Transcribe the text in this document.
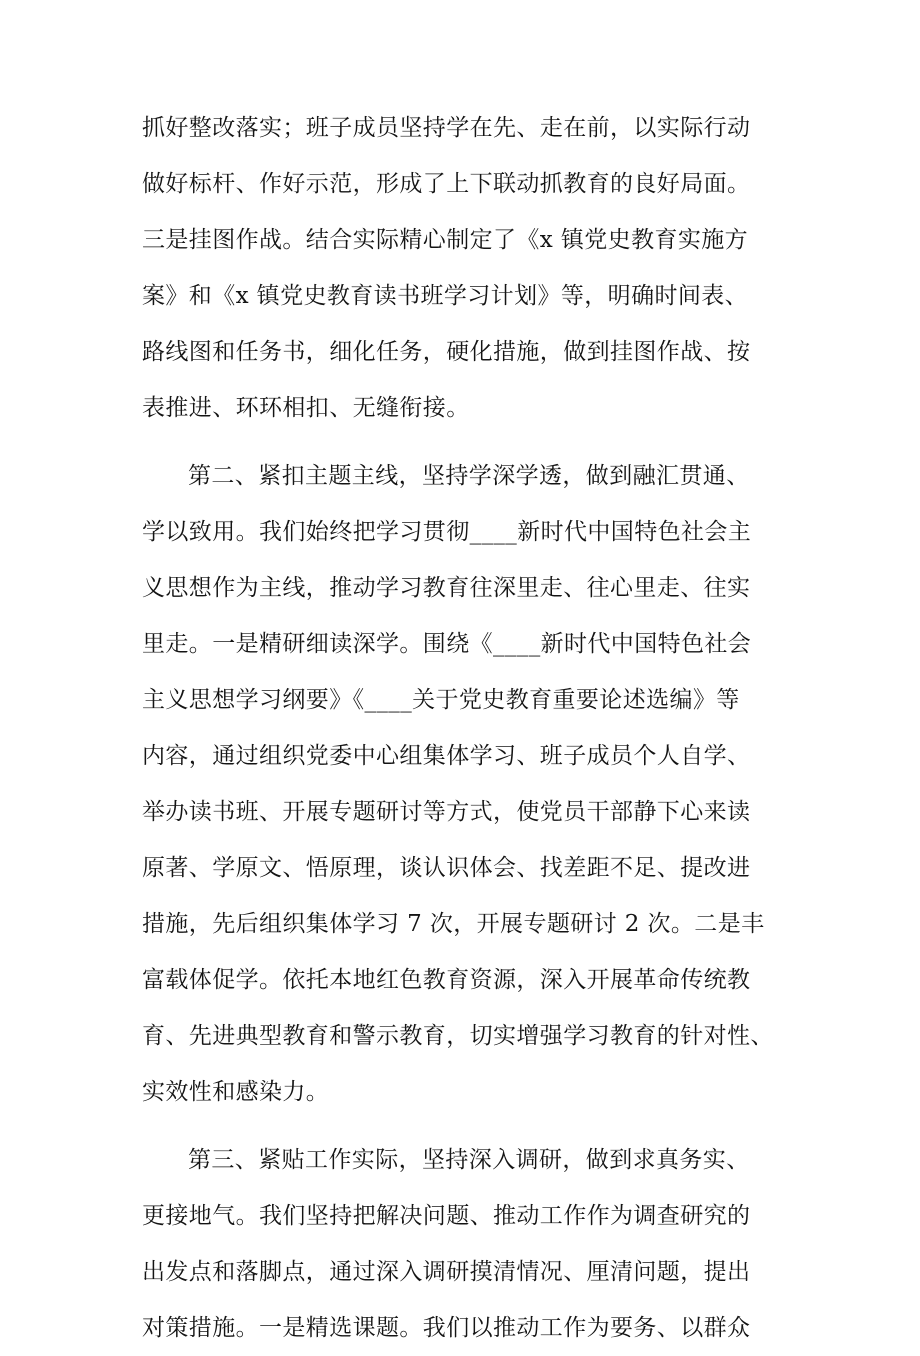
抓好整改落实；班子成员坚持学在先、走在前，以实际行动
做好标杆、作好示范，形成了上下联动抓教育的良好局面。
三是挂图作战。结合实际精心制定了《x 镇党史教育实施方
案》和《x 镇党史教育读书班学习计划》等，明确时间表、
路线图和任务书，细化任务，硬化措施，做到挂图作战、按
表推进、环环相扣、无缝衔接。
第二、紧扣主题主线，坚持学深学透，做到融汇贯通、
学以致用。我们始终把学习贯彻____新时代中国特色社会主
义思想作为主线，推动学习教育往深里走、往心里走、往实
里走。一是精研细读深学。围绕《____新时代中国特色社会
主义思想学习纲要》《____关于党史教育重要论述选编》等
内容，通过组织党委中心组集体学习、班子成员个人自学、
举办读书班、开展专题研讨等方式，使党员干部静下心来读
原著、学原文、悟原理，谈认识体会、找差距不足、提改进
措施，先后组织集体学习 7 次，开展专题研讨 2 次。二是丰
富载体促学。依托本地红色教育资源，深入开展革命传统教
育、先进典型教育和警示教育，切实增强学习教育的针对性、
实效性和感染力。
第三、紧贴工作实际，坚持深入调研，做到求真务实、
更接地气。我们坚持把解决问题、推动工作作为调查研究的
出发点和落脚点，通过深入调研摸清情况、厘清问题，提出
对策措施。一是精选课题。我们以推动工作为要务、以群众
